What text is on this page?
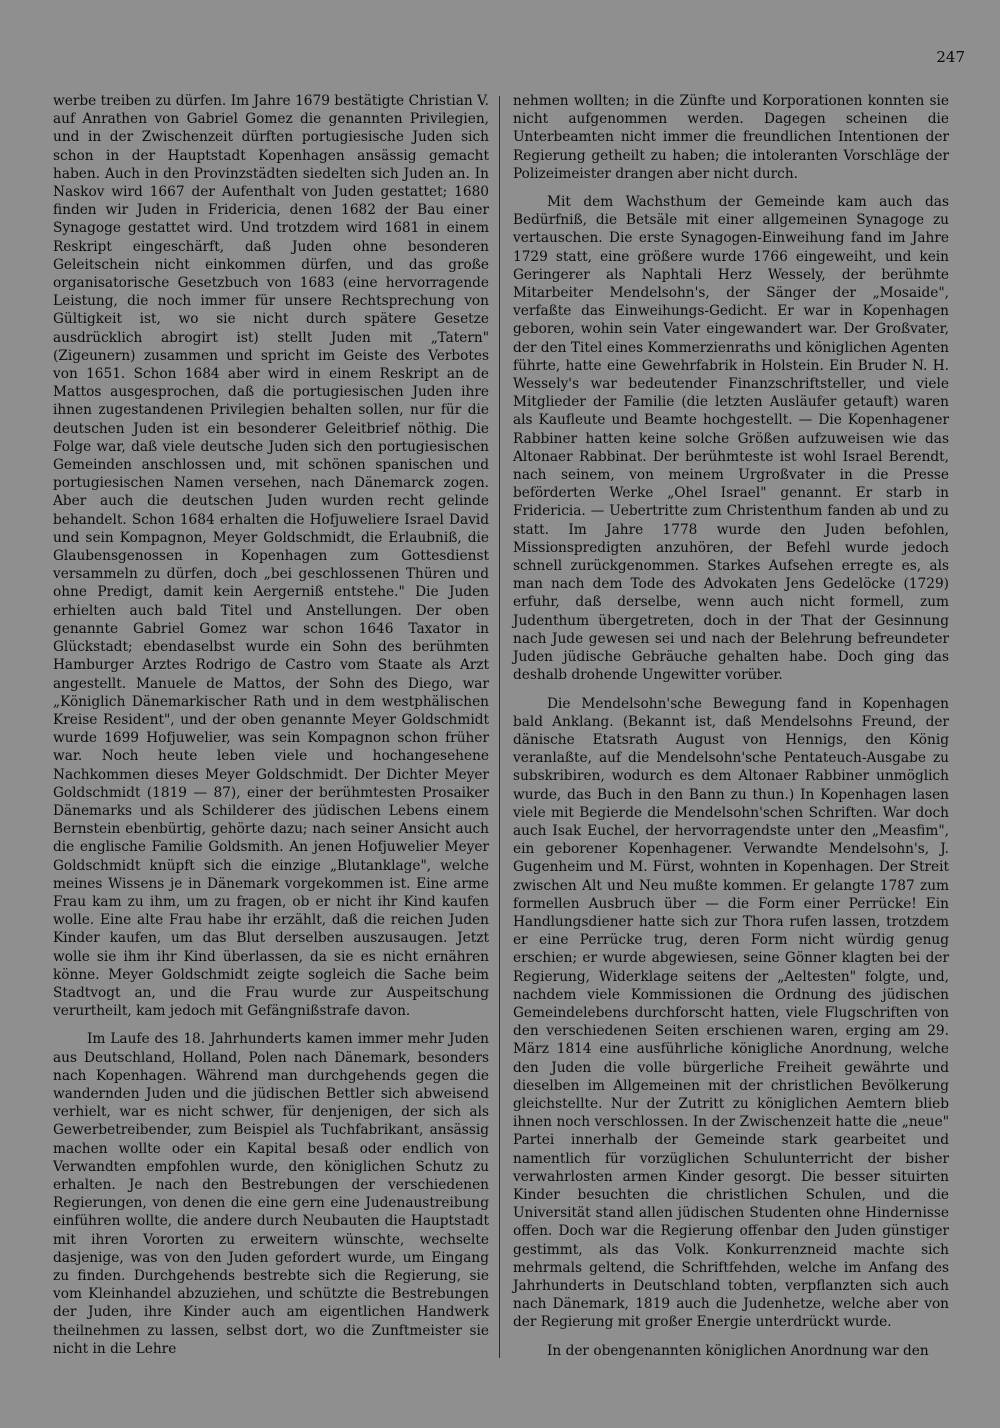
247

werbe treiben zu dürfen. Im Jahre 1679 bestätigte Christian V. auf Anrathen von Gabriel Gomez die genannten Privilegien, und in der Zwischenzeit dürften portugiesische Juden sich schon in der Hauptstadt Kopenhagen ansässig gemacht haben. Auch in den Provinzstädten siedelten sich Juden an. In Naskov wird 1667 der Aufenthalt von Juden gestattet; 1680 finden wir Juden in Fridericia, denen 1682 der Bau einer Synagoge gestattet wird. Und trotzdem wird 1681 in einem Reskript eingeschärft, daß Juden ohne besonderen Geleitschein nicht einkommen dürfen, und das große organisatorische Gesetzbuch von 1683 (eine hervorragende Leistung, die noch immer für unsere Rechtsprechung von Gültigkeit ist, wo sie nicht durch spätere Gesetze ausdrücklich abrogirt ist) stellt Juden mit „Tatern" (Zigeunern) zusammen und spricht im Geiste des Verbotes von 1651. Schon 1684 aber wird in einem Reskript an de Mattos ausgesprochen, daß die portugiesischen Juden ihre ihnen zugestandenen Privilegien behalten sollen, nur für die deutschen Juden ist ein besonderer Geleitbrief nöthig. Die Folge war, daß viele deutsche Juden sich den portugiesischen Gemeinden anschlossen und, mit schönen spanischen und portugiesischen Namen versehen, nach Dänemarck zogen. Aber auch die deutschen Juden wurden recht gelinde behandelt. Schon 1684 erhalten die Hofjuweliere Israel David und sein Kompagnon, Meyer Goldschmidt, die Erlaubniß, die Glaubensgenossen in Kopenhagen zum Gottesdienst versammeln zu dürfen, doch „bei geschlossenen Thüren und ohne Predigt, damit kein Aergerniß entstehe." Die Juden erhielten auch bald Titel und Anstellungen. Der oben genannte Gabriel Gomez war schon 1646 Taxator in Glückstadt; ebendaselbst wurde ein Sohn des berühmten Hamburger Arztes Rodrigo de Castro vom Staate als Arzt angestellt. Manuele de Mattos, der Sohn des Diego, war „Königlich Dänemarkischer Rath und in dem westphälischen Kreise Resident", und der oben genannte Meyer Goldschmidt wurde 1699 Hofjuwelier, was sein Kompagnon schon früher war. Noch heute leben viele und hochangesehene Nachkommen dieses Meyer Goldschmidt. Der Dichter Meyer Goldschmidt (1819 — 87), einer der berühmtesten Prosaiker Dänemarks und als Schilderer des jüdischen Lebens einem Bernstein ebenbürtig, gehörte dazu; nach seiner Ansicht auch die englische Familie Goldsmith. An jenen Hofjuwelier Meyer Goldschmidt knüpft sich die einzige „Blutanklage", welche meines Wissens je in Dänemark vorgekommen ist. Eine arme Frau kam zu ihm, um zu fragen, ob er nicht ihr Kind kaufen wolle. Eine alte Frau habe ihr erzählt, daß die reichen Juden Kinder kaufen, um das Blut derselben auszusaugen. Jetzt wolle sie ihm ihr Kind überlassen, da sie es nicht ernähren könne. Meyer Goldschmidt zeigte sogleich die Sache beim Stadtvogt an, und die Frau wurde zur Auspeitschung verurtheilt, kam jedoch mit Gefängnißstrafe davon.

Im Laufe des 18. Jahrhunderts kamen immer mehr Juden aus Deutschland, Holland, Polen nach Dänemark, besonders nach Kopenhagen. Während man durchgehends gegen die wandernden Juden und die jüdischen Bettler sich abweisend verhielt, war es nicht schwer, für denjenigen, der sich als Gewerbetreibender, zum Beispiel als Tuchfabrikant, ansässig machen wollte oder ein Kapital besaß oder endlich von Verwandten empfohlen wurde, den königlichen Schutz zu erhalten. Je nach den Bestrebungen der verschiedenen Regierungen, von denen die eine gern eine Judenaustreibung einführen wollte, die andere durch Neubauten die Hauptstadt mit ihren Vororten zu erweitern wünschte, wechselte dasjenige, was von den Juden gefordert wurde, um Eingang zu finden. Durchgehends bestrebte sich die Regierung, sie vom Kleinhandel abzuziehen, und schützte die Bestrebungen der Juden, ihre Kinder auch am eigentlichen Handwerk theilnehmen zu lassen, selbst dort, wo die Zunftmeister sie nicht in die Lehre

nehmen wollten; in die Zünfte und Korporationen konnten sie nicht aufgenommen werden. Dagegen scheinen die Unterbeamten nicht immer die freundlichen Intentionen der Regierung getheilt zu haben; die intoleranten Vorschläge der Polizeimeister drangen aber nicht durch.

Mit dem Wachsthum der Gemeinde kam auch das Bedürfniß, die Betsäle mit einer allgemeinen Synagoge zu vertauschen. Die erste Synagogen-Einweihung fand im Jahre 1729 statt, eine größere wurde 1766 eingeweiht, und kein Geringerer als Naphtali Herz Wessely, der berühmte Mitarbeiter Mendelsohn's, der Sänger der „Mosaide", verfaßte das Einweihungs-Gedicht. Er war in Kopenhagen geboren, wohin sein Vater eingewandert war. Der Großvater, der den Titel eines Kommerzienraths und königlichen Agenten führte, hatte eine Gewehrfabrik in Holstein. Ein Bruder N. H. Wessely's war bedeutender Finanzschriftsteller, und viele Mitglieder der Familie (die letzten Ausläufer getauft) waren als Kaufleute und Beamte hochgestellt. — Die Kopenhagener Rabbiner hatten keine solche Größen aufzuweisen wie das Altonaer Rabbinat. Der berühmteste ist wohl Israel Berendt, nach seinem, von meinem Urgroßvater in die Presse beförderten Werke „Ohel Israel" genannt. Er starb in Fridericia. — Uebertritte zum Christenthum fanden ab und zu statt. Im Jahre 1778 wurde den Juden befohlen, Missionspredigten anzuhören, der Befehl wurde jedoch schnell zurückgenommen. Starkes Aufsehen erregte es, als man nach dem Tode des Advokaten Jens Gedelöcke (1729) erfuhr, daß derselbe, wenn auch nicht formell, zum Judenthum übergetreten, doch in der That der Gesinnung nach Jude gewesen sei und nach der Belehrung befreundeter Juden jüdische Gebräuche gehalten habe. Doch ging das deshalb drohende Ungewitter vorüber.

Die Mendelsohn'sche Bewegung fand in Kopenhagen bald Anklang. (Bekannt ist, daß Mendelsohns Freund, der dänische Etatsrath August von Hennigs, den König veranlaßte, auf die Mendelsohn'sche Pentateuch-Ausgabe zu subskribiren, wodurch es dem Altonaer Rabbiner unmöglich wurde, das Buch in den Bann zu thun.) In Kopenhagen lasen viele mit Begierde die Mendelsohn'schen Schriften. War doch auch Isak Euchel, der hervorragendste unter den „Measfim", ein geborener Kopenhagener. Verwandte Mendelsohn's, J. Gugenheim und M. Fürst, wohnten in Kopenhagen. Der Streit zwischen Alt und Neu mußte kommen. Er gelangte 1787 zum formellen Ausbruch über — die Form einer Perrücke! Ein Handlungsdiener hatte sich zur Thora rufen lassen, trotzdem er eine Perrücke trug, deren Form nicht würdig genug erschien; er wurde abgewiesen, seine Gönner klagten bei der Regierung, Widerklage seitens der „Aeltesten" folgte, und, nachdem viele Kommissionen die Ordnung des jüdischen Gemeindelebens durchforscht hatten, viele Flugschriften von den verschiedenen Seiten erschienen waren, erging am 29. März 1814 eine ausführliche königliche Anordnung, welche den Juden die volle bürgerliche Freiheit gewährte und dieselben im Allgemeinen mit der christlichen Bevölkerung gleichstellte. Nur der Zutritt zu königlichen Aemtern blieb ihnen noch verschlossen. In der Zwischenzeit hatte die „neue" Partei innerhalb der Gemeinde stark gearbeitet und namentlich für vorzüglichen Schulunterricht der bisher verwahrlosten armen Kinder gesorgt. Die besser situirten Kinder besuchten die christlichen Schulen, und die Universität stand allen jüdischen Studenten ohne Hindernisse offen. Doch war die Regierung offenbar den Juden günstiger gestimmt, als das Volk. Konkurrenzneid machte sich mehrmals geltend, die Schriftfehden, welche im Anfang des Jahrhunderts in Deutschland tobten, verpflanzten sich auch nach Dänemark, 1819 auch die Judenhetze, welche aber von der Regierung mit großer Energie unterdrückt wurde.

In der obengenannten königlichen Anordnung war den
